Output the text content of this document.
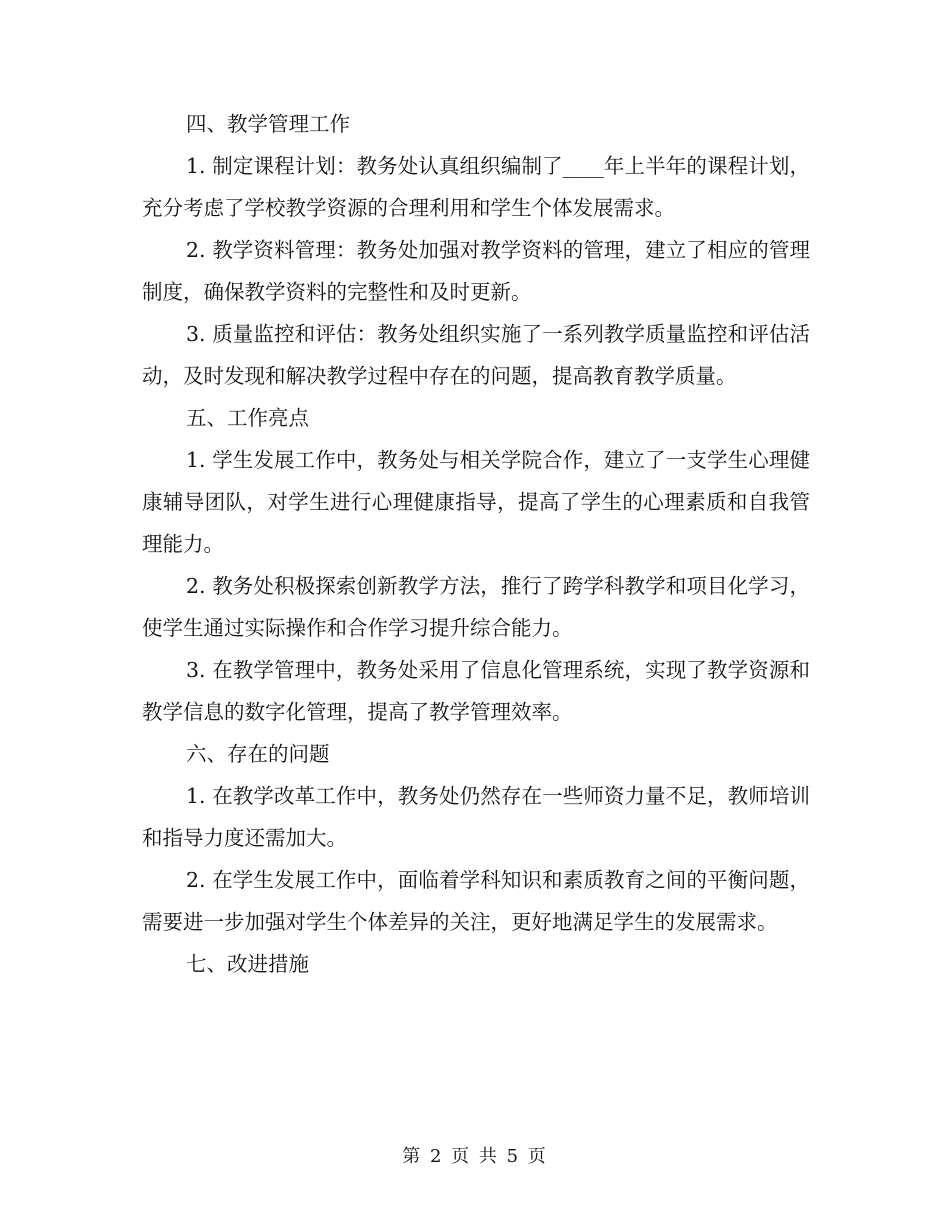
四、教学管理工作
1. 制定课程计划：教务处认真组织编制了____年上半年的课程计划，充分考虑了学校教学资源的合理利用和学生个体发展需求。
2. 教学资料管理：教务处加强对教学资料的管理，建立了相应的管理制度，确保教学资料的完整性和及时更新。
3. 质量监控和评估：教务处组织实施了一系列教学质量监控和评估活动，及时发现和解决教学过程中存在的问题，提高教育教学质量。
五、工作亮点
1. 学生发展工作中，教务处与相关学院合作，建立了一支学生心理健康辅导团队，对学生进行心理健康指导，提高了学生的心理素质和自我管理能力。
2. 教务处积极探索创新教学方法，推行了跨学科教学和项目化学习，使学生通过实际操作和合作学习提升综合能力。
3. 在教学管理中，教务处采用了信息化管理系统，实现了教学资源和教学信息的数字化管理，提高了教学管理效率。
六、存在的问题
1. 在教学改革工作中，教务处仍然存在一些师资力量不足，教师培训和指导力度还需加大。
2. 在学生发展工作中，面临着学科知识和素质教育之间的平衡问题，需要进一步加强对学生个体差异的关注，更好地满足学生的发展需求。
七、改进措施
第 2 页 共 5 页
